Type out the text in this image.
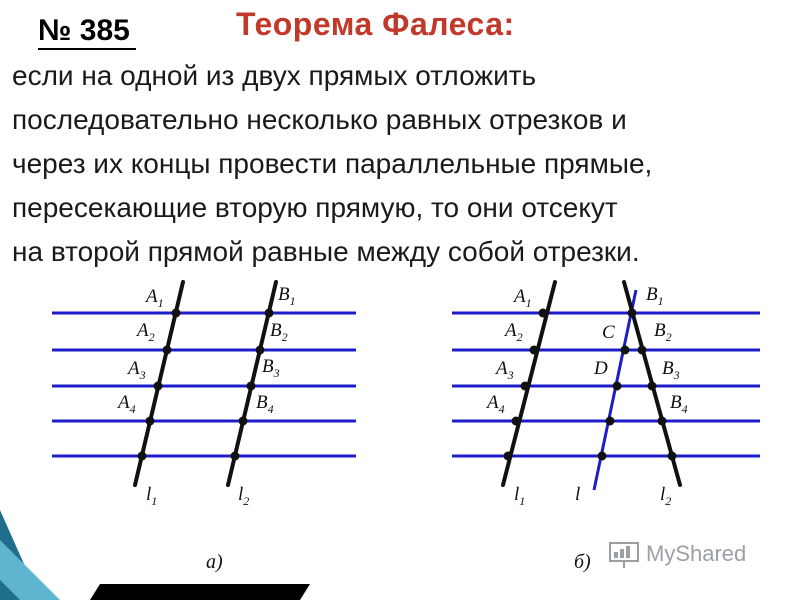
№ 385	Теорема Фалеса:
если на одной из двух прямых отложить
последовательно несколько равных отрезков и
через их концы провести параллельные прямые,
пересекающие вторую прямую, то они отсекут
на второй прямой равные между собой отрезки.
$A_1$
$A_2$
$A_3$
$A_4$
$B_1$
$B_2$
$B_3$
$B_4$
$l_1$	$l_2$
а)
$A_1$
$A_2$
$A_3$
$A_4$
$B_1$
$B_2$
$B_3$
$B_4$
C
D
$l_1$	l	$l_2$
б)	MyShared
